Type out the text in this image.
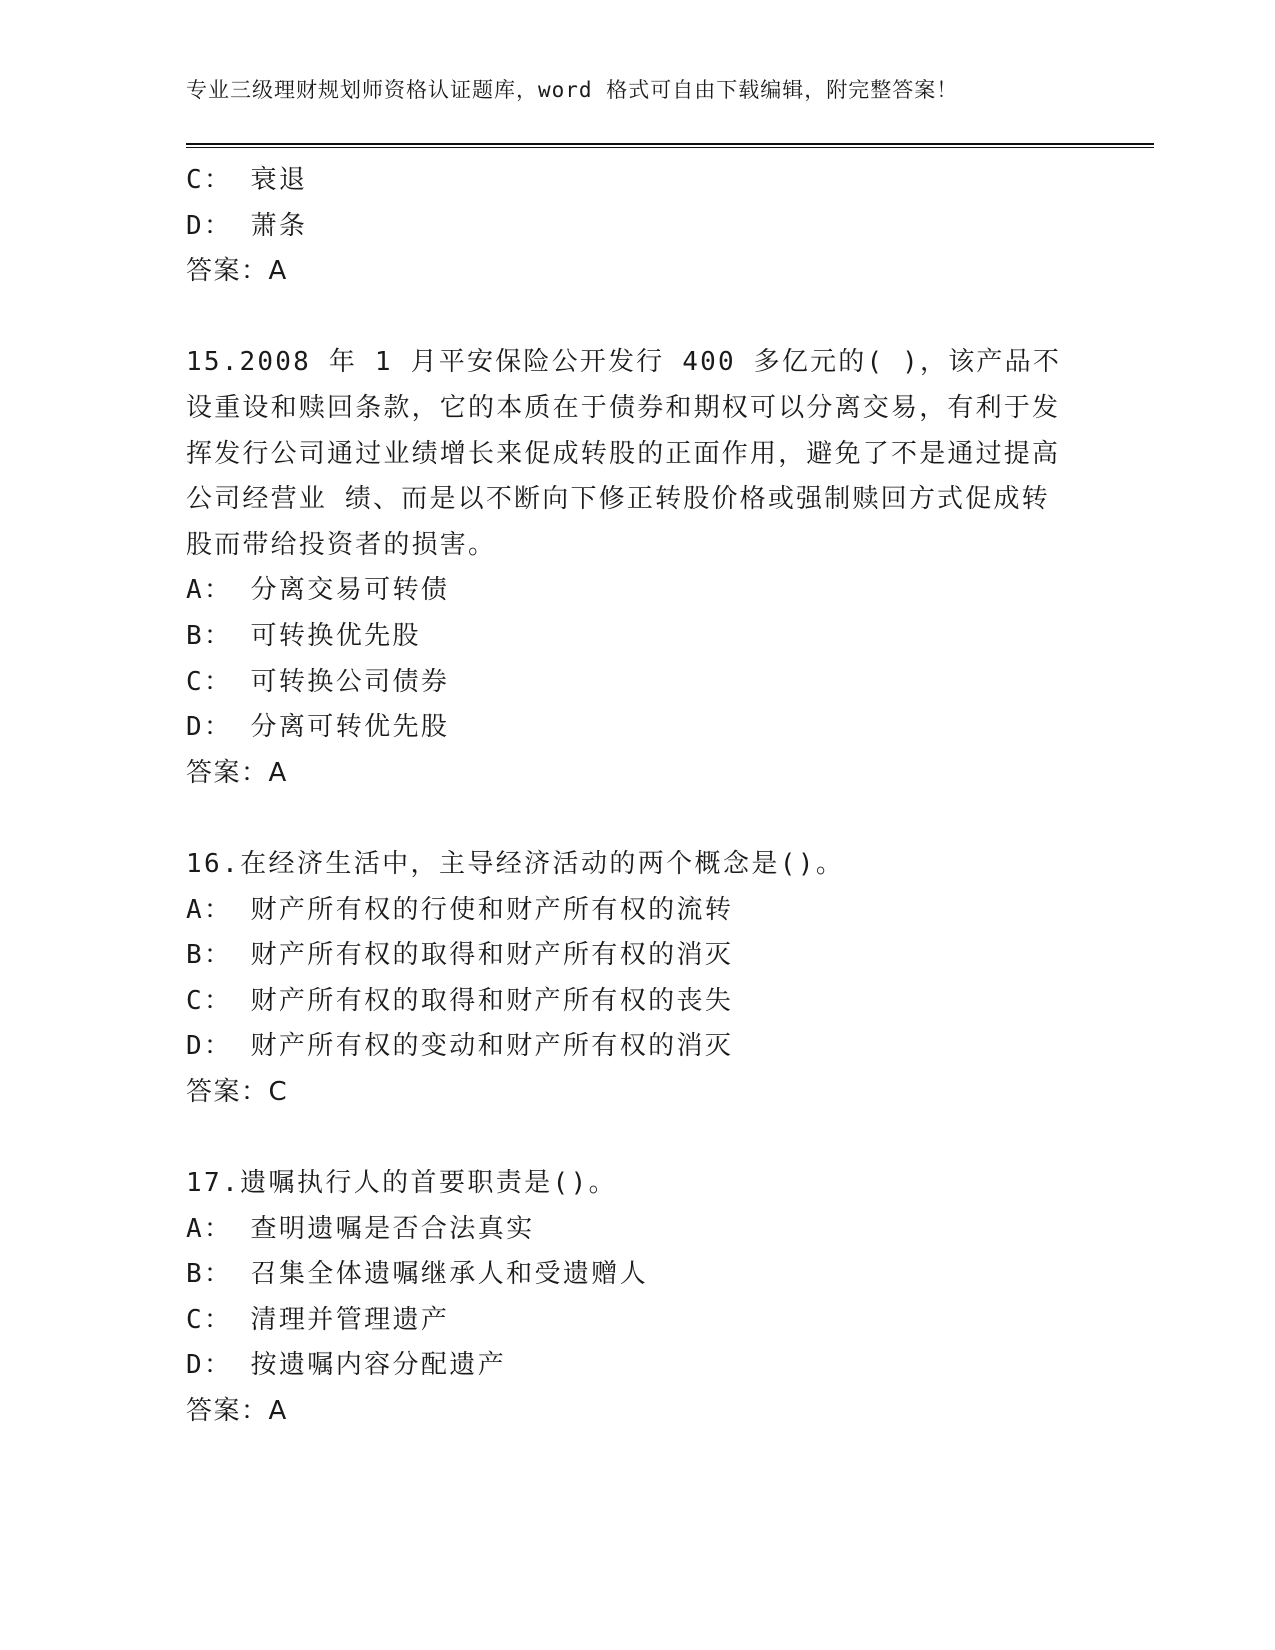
专业三级理财规划师资格认证题库，word 格式可自由下载编辑，附完整答案！
C： 衰退
D： 萧条
答案：A
15.2008 年 1 月平安保险公开发行 400 多亿元的( )，该产品不设重设和赎回条款，它的本质在于债券和期权可以分离交易，有利于发挥发行公司通过业绩增长来促成转股的正面作用，避免了不是通过提高公司经营业 绩、而是以不断向下修正转股价格或强制赎回方式促成转股而带给投资者的损害。
A： 分离交易可转债
B： 可转换优先股
C： 可转换公司债券
D： 分离可转优先股
答案：A
16.在经济生活中，主导经济活动的两个概念是()。
A： 财产所有权的行使和财产所有权的流转
B： 财产所有权的取得和财产所有权的消灭
C： 财产所有权的取得和财产所有权的丧失
D： 财产所有权的变动和财产所有权的消灭
答案：C
17.遗嘱执行人的首要职责是()。
A： 查明遗嘱是否合法真实
B： 召集全体遗嘱继承人和受遗赠人
C： 清理并管理遗产
D： 按遗嘱内容分配遗产
答案：A
